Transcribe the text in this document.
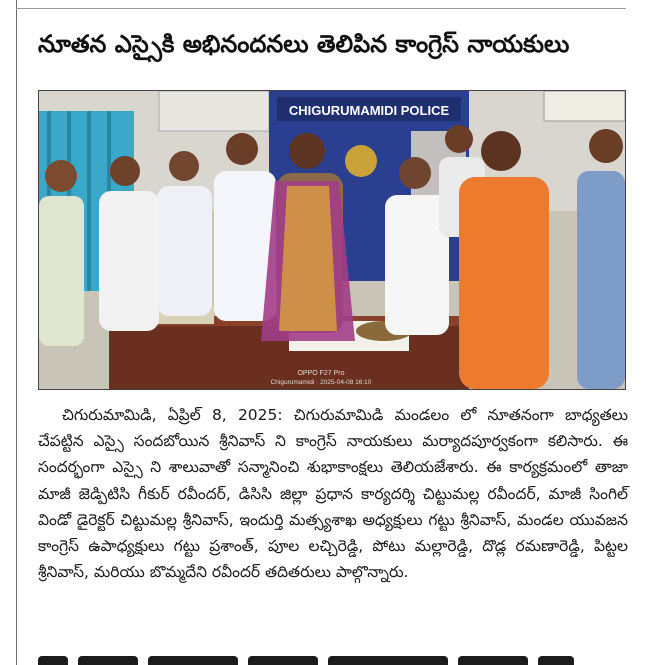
నూతన ఎస్సైకి అభినందనలు తెలిపిన కాంగ్రెస్ నాయకులు
CHIGURUMAMIDI POLICE
OPPO F27 Pro
Chigurumamidi · 2025-04-08 16:10
చిగురుమామిడి, ఏప్రిల్ 8, 2025: చిగురుమామిడి మండలం లో నూతనంగా బాధ్యతలు చేపట్టిన ఎస్సై సందబోయిన శ్రీనివాస్ ని కాంగ్రెస్ నాయకులు మర్యాదపూర్వకంగా కలిసారు. ఈ సందర్భంగా ఎస్సై ని శాలువాతో సన్మానించి శుభాకాంక్షలు తెలియజేశారు. ఈ కార్యక్రమంలో తాజా మాజీ జెడ్పిటిసి గీకుర్ రవీందర్, డిసిసి జిల్లా ప్రధాన కార్యదర్శి చిట్టుమల్ల రవీందర్, మాజీ సింగిల్ విండో డైరెక్టర్ చిట్టుమల్ల శ్రీనివాస్, ఇందుర్తి మత్స్యశాఖ అధ్యక్షులు గట్టు శ్రీనివాస్, మండల యువజన కాంగ్రెస్ ఉపాధ్యక్షులు గట్టు ప్రశాంత్, పూల లచ్చిరెడ్డి, పోటు మల్లారెడ్డి, దొడ్ల రమణారెడ్డి, పిట్టల శ్రీనివాస్, మరియు బొమ్మదేని రవీందర్ తదితరులు పాల్గొన్నారు.
